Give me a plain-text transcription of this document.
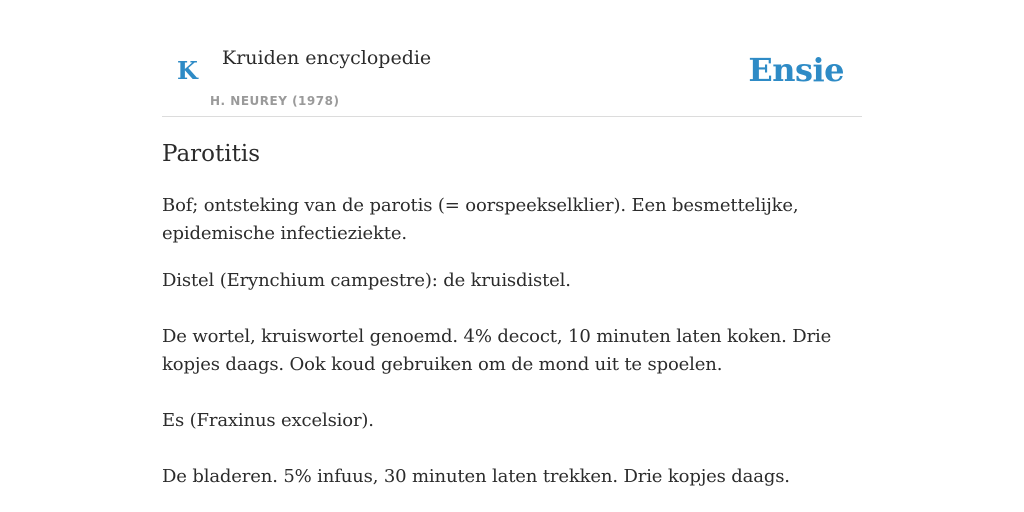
K Kruiden encyclopedie
H. NEUREY (1978)
Ensie
Parotitis

Bof; ontsteking van de parotis (= oorspeekselklier). Een besmettelijke, epidemische infectieziekte.

Distel (Erynchium campestre): de kruisdistel.

De wortel, kruiswortel genoemd. 4% decoct, 10 minuten laten koken. Drie kopjes daags. Ook koud gebruiken om de mond uit te spoelen.

Es (Fraxinus excelsior).

De bladeren. 5% infuus, 30 minuten laten trekken. Drie kopjes daags.
